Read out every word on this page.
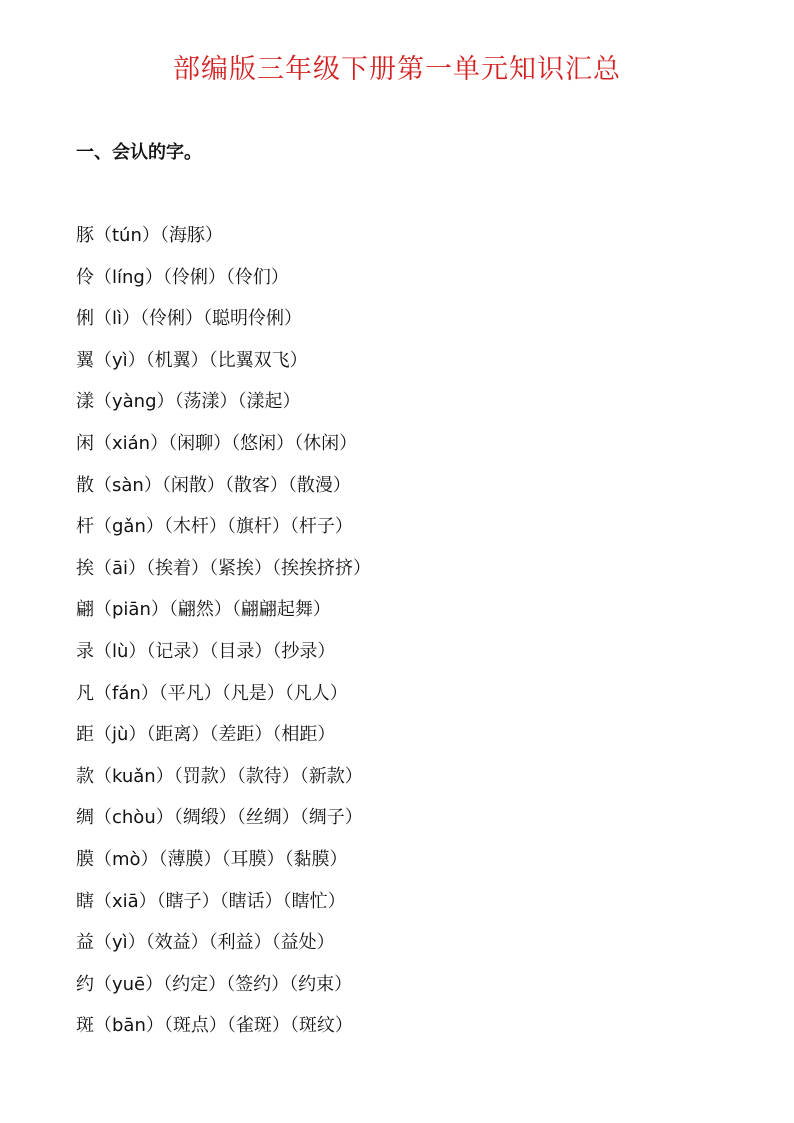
部编版三年级下册第一单元知识汇总
一、会认的字。
豚（tún）（海豚）
伶（líng）（伶俐）（伶们）
俐（lì）（伶俐）（聪明伶俐）
翼（yì）（机翼）（比翼双飞）
漾（yàng）（荡漾）（漾起）
闲（xián）（闲聊）（悠闲）（休闲）
散（sàn）（闲散）（散客）（散漫）
杆（gǎn）（木杆）（旗杆）（杆子）
挨（āi）（挨着）（紧挨）（挨挨挤挤）
翩（piān）（翩然）（翩翩起舞）
录（lù）（记录）（目录）（抄录）
凡（fán）（平凡）（凡是）（凡人）
距（jù）（距离）（差距）（相距）
款（kuǎn）（罚款）（款待）（新款）
绸（chòu）（绸缎）（丝绸）（绸子）
膜（mò）（薄膜）（耳膜）（黏膜）
瞎（xiā）（瞎子）（瞎话）（瞎忙）
益（yì）（效益）（利益）（益处）
约（yuē）（约定）（签约）（约束）
斑（bān）（斑点）（雀斑）（斑纹）
